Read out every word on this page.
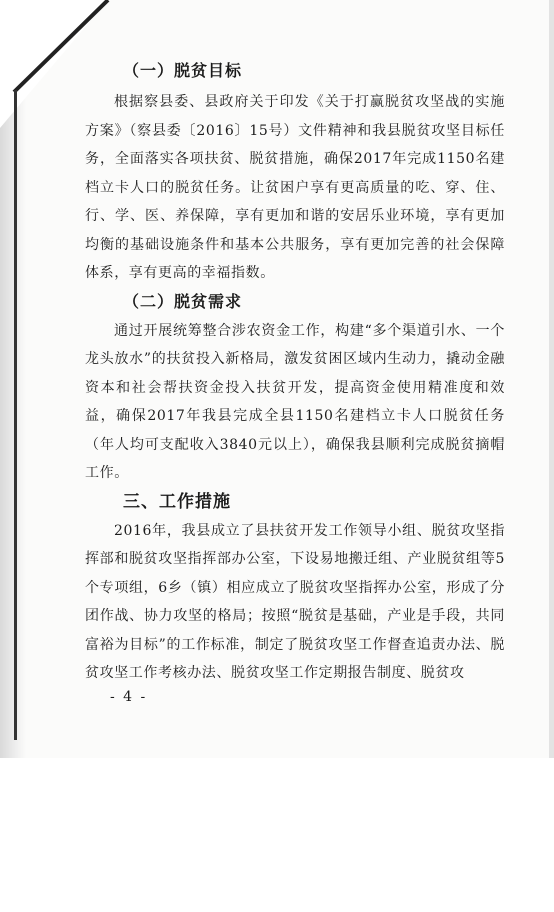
（一）脱贫目标

根据察县委、县政府关于印发《关于打赢脱贫攻坚战的实施方案》（察县委〔2016〕15号）文件精神和我县脱贫攻坚目标任务，全面落实各项扶贫、脱贫措施，确保2017年完成1150名建档立卡人口的脱贫任务。让贫困户享有更高质量的吃、穿、住、行、学、医、养保障，享有更加和谐的安居乐业环境，享有更加均衡的基础设施条件和基本公共服务，享有更加完善的社会保障体系，享有更高的幸福指数。

（二）脱贫需求

通过开展统筹整合涉农资金工作，构建“多个渠道引水、一个龙头放水”的扶贫投入新格局，激发贫困区域内生动力，撬动金融资本和社会帮扶资金投入扶贫开发，提高资金使用精准度和效益，确保2017年我县完成全县1150名建档立卡人口脱贫任务（年人均可支配收入3840元以上），确保我县顺利完成脱贫摘帽工作。

三、工作措施

2016年，我县成立了县扶贫开发工作领导小组、脱贫攻坚指挥部和脱贫攻坚指挥部办公室，下设易地搬迁组、产业脱贫组等5个专项组，6乡（镇）相应成立了脱贫攻坚指挥办公室，形成了分团作战、协力攻坚的格局；按照“脱贫是基础，产业是手段，共同富裕为目标”的工作标准，制定了脱贫攻坚工作督查追责办法、脱贫攻坚工作考核办法、脱贫攻坚工作定期报告制度、脱贫攻

- 4 -
